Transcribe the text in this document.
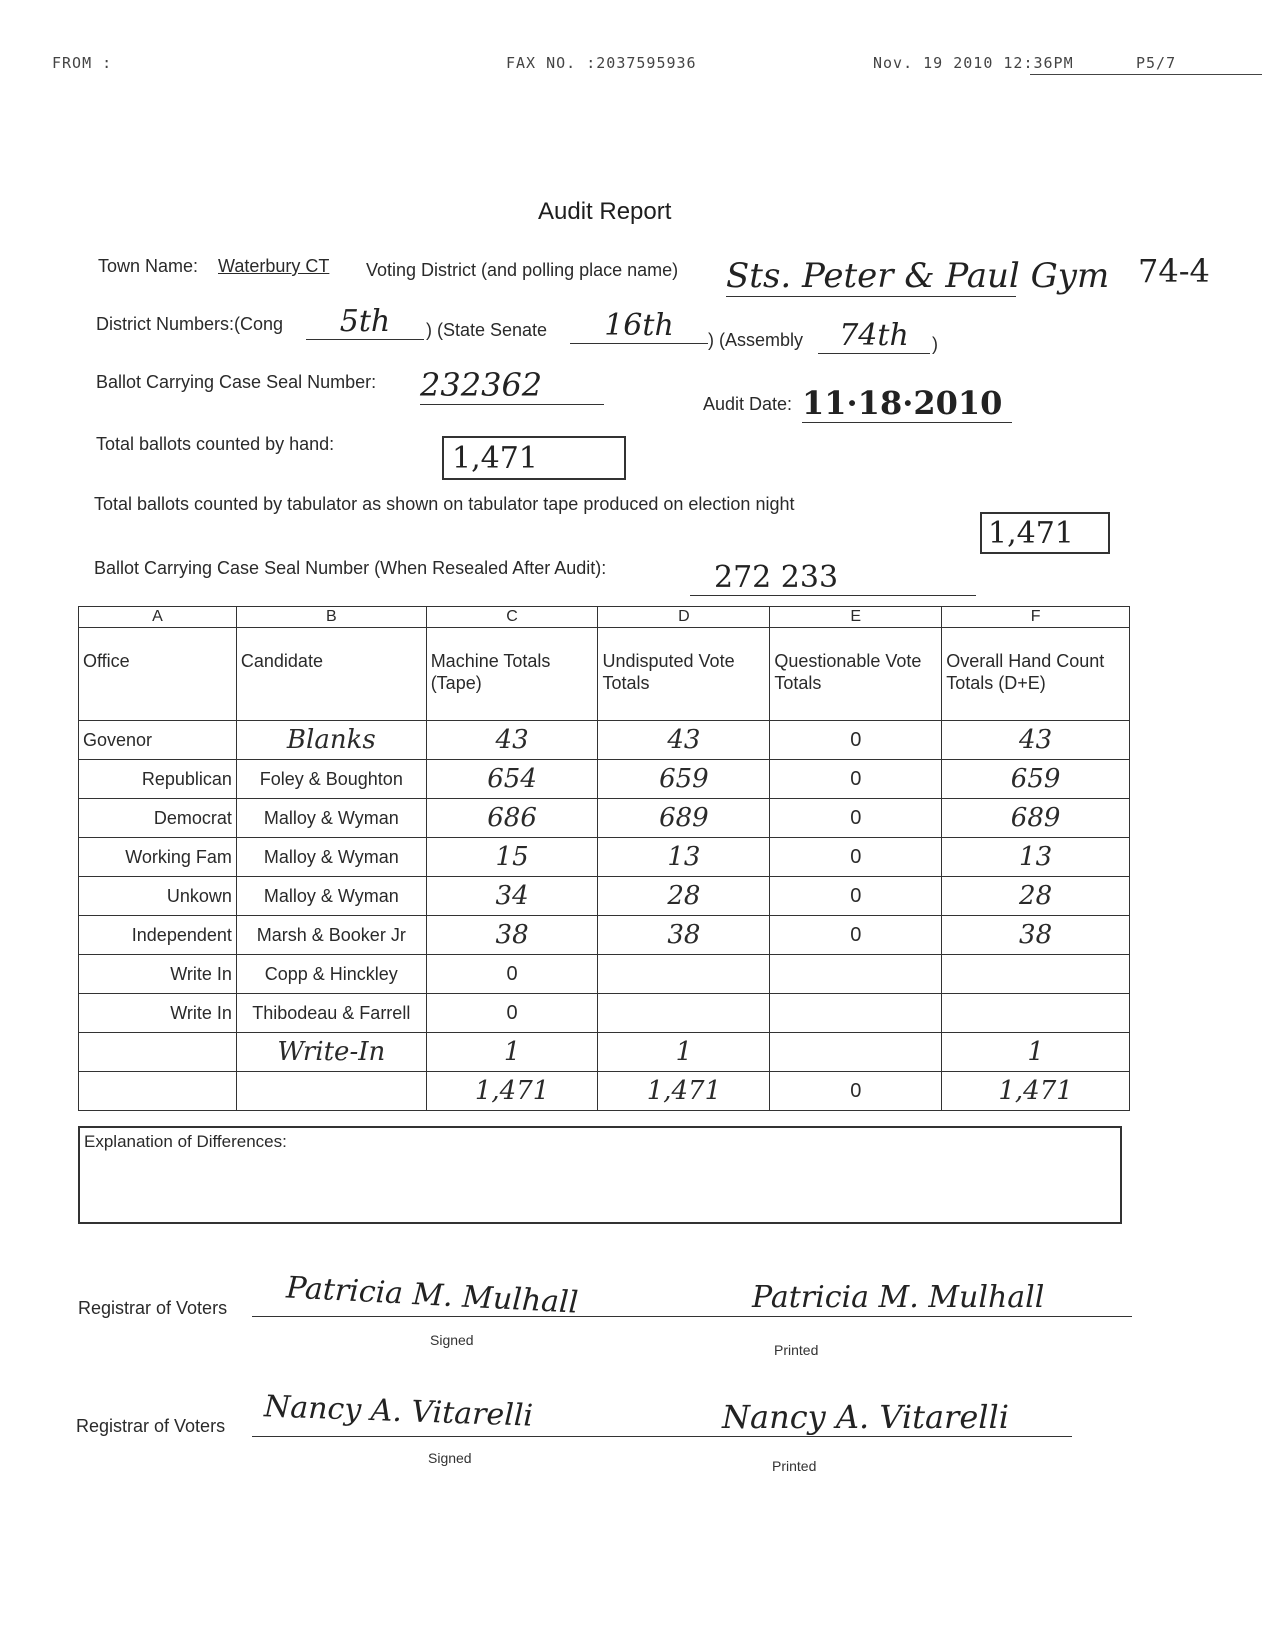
FROM :	FAX NO. :2037595936	Nov. 19 2010 12:36PM	P5/7
Audit Report
Town Name: Waterbury CT Voting District (and polling place name) Sts. Peter & Paul Gym 74-4
District Numbers:(Cong	5th	) (State Senate	16th	) (Assembly	74th	)
Ballot Carrying Case Seal Number: 232362	Audit Date: 11·18·2010
Total ballots counted by hand:	1,471
Total ballots counted by tabulator as shown on tabulator tape produced on election night
1,471
Ballot Carrying Case Seal Number (When Resealed After Audit):	272 233
A	B	C	D	E	F
Office	Candidate	Machine Totals (Tape)	Undisputed Vote Totals	Questionable Vote Totals	Overall Hand Count Totals (D+E)
Govenor	Blanks	43	43	0	43
Republican	Foley & Boughton	654	659	0	659
Democrat	Malloy & Wyman	686	689	0	689
Working Fam	Malloy & Wyman	15	13	0	13
Unkown	Malloy & Wyman	34	28	0	28
Independent	Marsh & Booker Jr	38	38	0	38
Write In	Copp & Hinckley	0			
Write In	Thibodeau & Farrell	0			
	Write-In	1	1		1
		1,471	1,471	0	1,471
Explanation of Differences:
Registrar of Voters Patricia M. Mulhall
Signed
Patricia M. Mulhall
Printed
Registrar of Voters Nancy A. Vitarelli
Signed
Nancy A. Vitarelli
Printed
